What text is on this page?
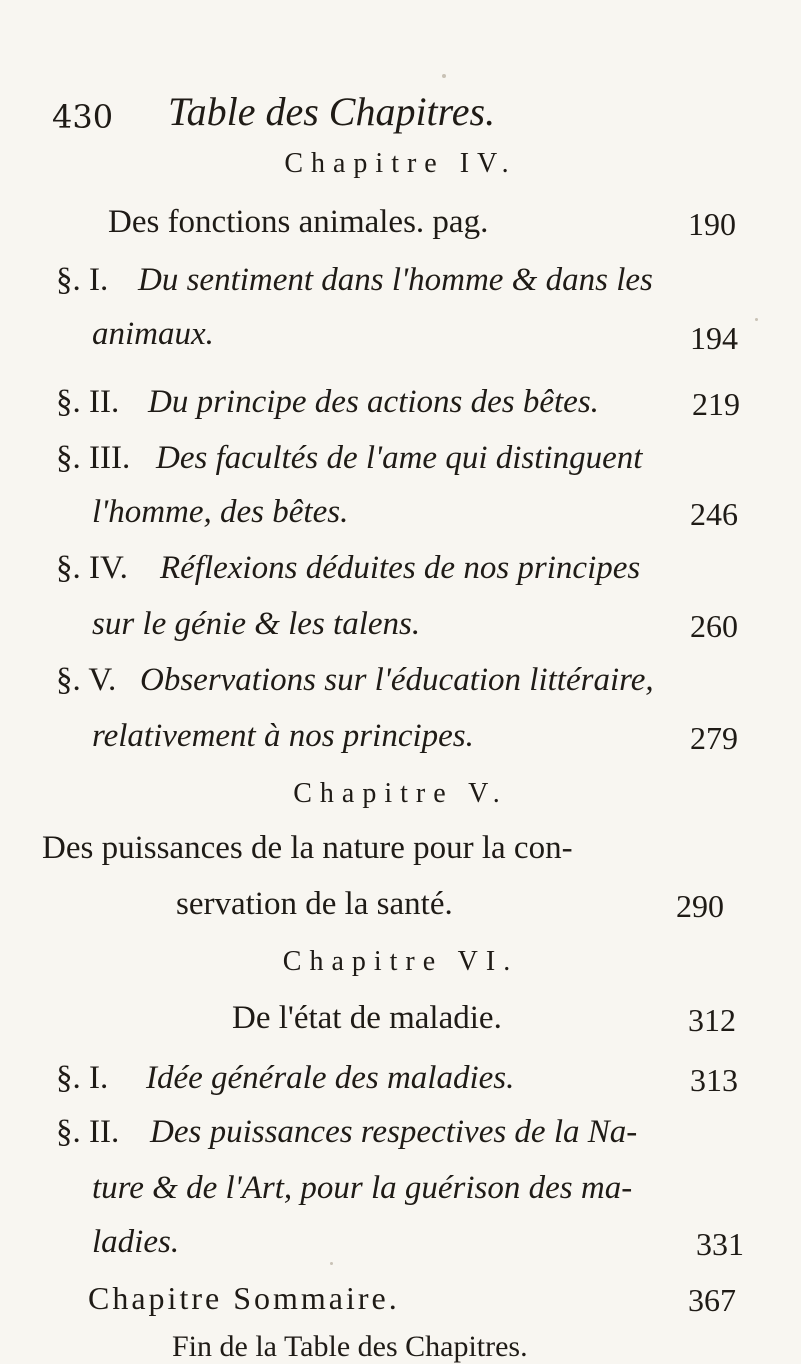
430 Table des Chapitres.
Chapitre IV.
Des fonctions animales. pag.	190
§. I. Du sentiment dans l'homme & dans les
animaux.	194
§. II. Du principe des actions des bêtes.	219
§. III. Des facultés de l'ame qui distinguent
l'homme, des bêtes.	246
§. IV. Réflexions déduites de nos principes
sur le génie & les talens.	260
§. V. Observations sur l'éducation littéraire,
relativement à nos principes.	279
Chapitre V.
Des puissances de la nature pour la con-
servation de la santé.	290
Chapitre VI.
De l'état de maladie.	312
§. I. Idée générale des maladies.	313
§. II. Des puissances respectives de la Na-
ture & de l'Art, pour la guérison des ma-
ladies.	331
Chapitre Sommaire.	367
Fin de la Table des Chapitres.
